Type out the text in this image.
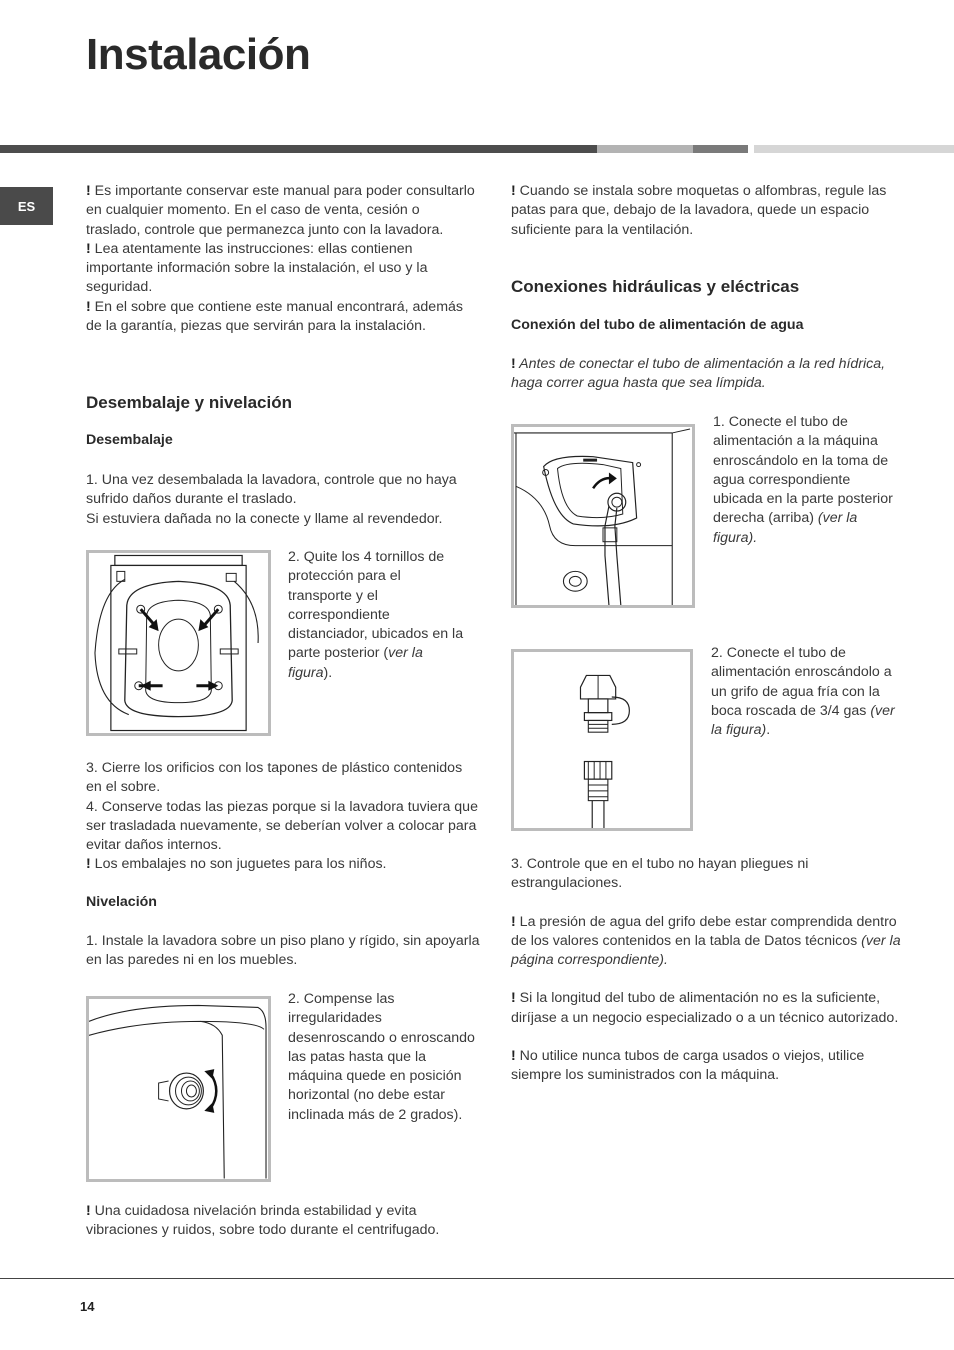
Instalación
ES

! Es importante conservar este manual para poder consultarlo en cualquier momento. En el caso de venta, cesión o traslado, controle que permanezca junto con la lavadora.

! Lea atentamente las instrucciones: ellas contienen importante información sobre la instalación, el uso y la seguridad.

! En el sobre que contiene este manual encontrará, además de la garantía, piezas que servirán para la instalación.

Desembalaje y nivelación
Desembalaje

1. Una vez desembalada la lavadora, controle que no haya sufrido daños durante el traslado.

Si estuviera dañada no la conecte y llame al revendedor.

2. Quite los 4 tornillos de protección para el transporte y el correspondiente distanciador, ubicados en la parte posterior (ver la figura).

3. Cierre los orificios con los tapones de plástico contenidos en el sobre.

4. Conserve todas las piezas porque si la lavadora tuviera que ser trasladada nuevamente, se deberían volver a colocar para evitar daños internos.

! Los embalajes no son juguetes para los niños.

Nivelación

1. Instale la lavadora sobre un piso plano y rígido, sin apoyarla en las paredes ni en los muebles.

2. Compense las irregularidades desenroscando o enroscando las patas hasta que la máquina quede en posición horizontal (no debe estar inclinada más de 2 grados).

! Una cuidadosa nivelación brinda estabilidad y evita vibraciones y ruidos, sobre todo durante el centrifugado.

! Cuando se instala sobre moquetas o alfombras, regule las patas para que, debajo de la lavadora, quede un espacio suficiente para la ventilación.

Conexiones hidráulicas y eléctricas
Conexión del tubo de alimentación de agua

! Antes de conectar el tubo de alimentación a la red hídrica, haga correr agua hasta que sea límpida.

1. Conecte el tubo de alimentación a la máquina enroscándolo en la toma de agua correspondiente ubicada en la parte posterior derecha (arriba) (ver la figura).

2. Conecte el tubo de alimentación enroscándolo a un grifo de agua fría con la boca roscada de 3/4 gas (ver la figura).

3. Controle que en el tubo no hayan pliegues ni estrangulaciones.

! La presión de agua del grifo debe estar comprendida dentro de los valores contenidos en la tabla de Datos técnicos (ver la página correspondiente).

! Si la longitud del tubo de alimentación no es la suficiente, diríjase a un negocio especializado o a un técnico autorizado.

! No utilice nunca tubos de carga usados o viejos, utilice siempre los suministrados con la máquina.

14
